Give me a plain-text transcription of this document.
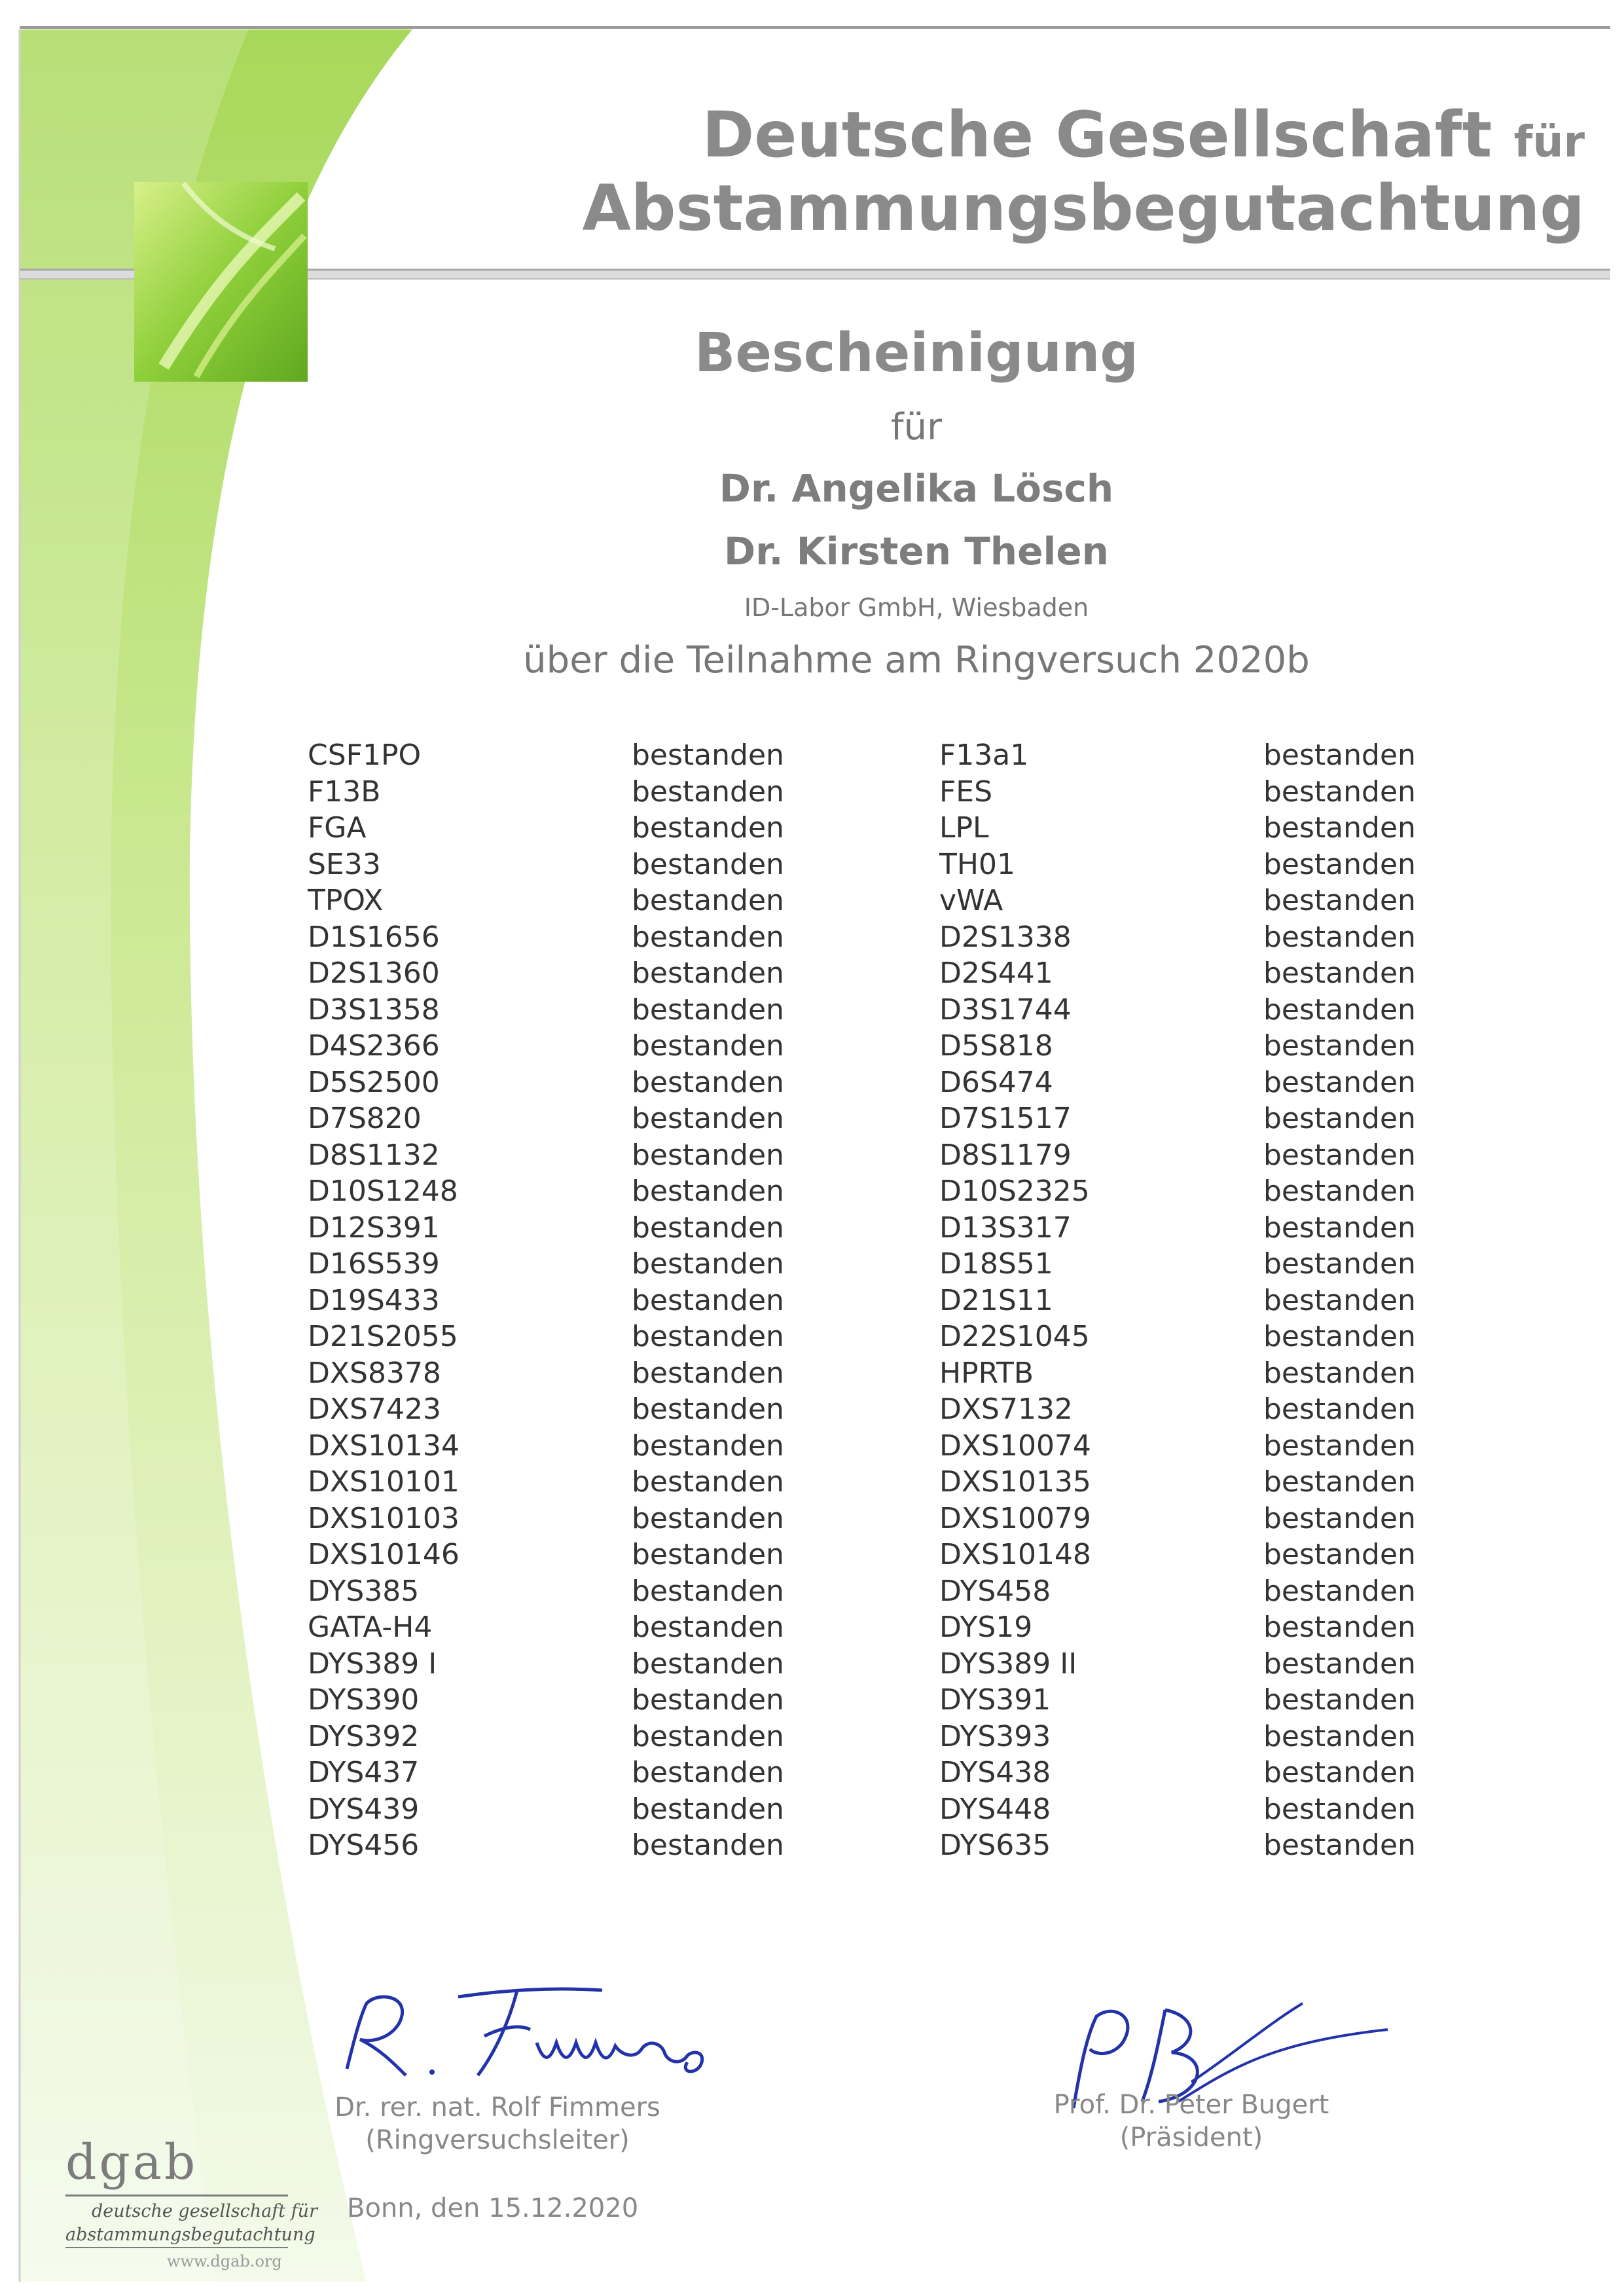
Deutsche Gesellschaft für
Abstammungsbegutachtung
Bescheinigung
für
Dr. Angelika Lösch
Dr. Kirsten Thelen
ID-Labor GmbH, Wiesbaden
über die Teilnahme am Ringversuch 2020b
CSF1PO	bestanden	F13a1	bestanden
F13B	bestanden	FES	bestanden
FGA	bestanden	LPL	bestanden
SE33	bestanden	TH01	bestanden
TPOX	bestanden	vWA	bestanden
D1S1656	bestanden	D2S1338	bestanden
D2S1360	bestanden	D2S441	bestanden
D3S1358	bestanden	D3S1744	bestanden
D4S2366	bestanden	D5S818	bestanden
D5S2500	bestanden	D6S474	bestanden
D7S820	bestanden	D7S1517	bestanden
D8S1132	bestanden	D8S1179	bestanden
D10S1248	bestanden	D10S2325	bestanden
D12S391	bestanden	D13S317	bestanden
D16S539	bestanden	D18S51	bestanden
D19S433	bestanden	D21S11	bestanden
D21S2055	bestanden	D22S1045	bestanden
DXS8378	bestanden	HPRTB	bestanden
DXS7423	bestanden	DXS7132	bestanden
DXS10134	bestanden	DXS10074	bestanden
DXS10101	bestanden	DXS10135	bestanden
DXS10103	bestanden	DXS10079	bestanden
DXS10146	bestanden	DXS10148	bestanden
DYS385	bestanden	DYS458	bestanden
GATA-H4	bestanden	DYS19	bestanden
DYS389 I	bestanden	DYS389 II	bestanden
DYS390	bestanden	DYS391	bestanden
DYS392	bestanden	DYS393	bestanden
DYS437	bestanden	DYS438	bestanden
DYS439	bestanden	DYS448	bestanden
DYS456	bestanden	DYS635	bestanden
Dr. rer. nat. Rolf Fimmers
(Ringversuchsleiter)
Prof. Dr. Peter Bugert
(Präsident)
Bonn, den 15.12.2020
dgab
deutsche gesellschaft für
abstammungsbegutachtung
www.dgab.org
